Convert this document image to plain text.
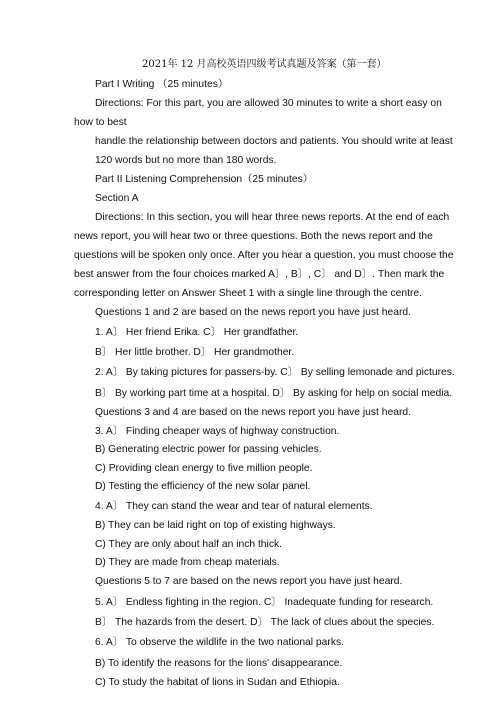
2021年 12 月高校英语四级考试真题及答案（第一套）
Part I Writing （25 minutes）
Directions: For this part, you are allowed 30 minutes to write a short easy on
how to best
handle the relationship between doctors and patients. You should write at least
120 words but no more than 180 words.
Part II Listening Comprehension（25 minutes）
Section A
Directions: In this section, you will hear three news reports. At the end of each
news report, you will hear two or three questions. Both the news report and the
questions will be spoken only once. After you hear a question, you must choose the
best answer from the four choices marked A〕, B〕, C〕 and D〕. Then mark the
corresponding letter on Answer Sheet 1 with a single line through the centre.
Questions 1 and 2 are based on the news report you have just heard.
1. A〕 Her friend Erika. C〕 Her grandfather.
B〕 Her little brother. D〕 Her grandmother.
2. A〕 By taking pictures for passers-by. C〕 By selling lemonade and pictures.
B〕 By working part time at a hospital. D〕 By asking for help on social media.
Questions 3 and 4 are based on the news report you have just heard.
3. A〕 Finding cheaper ways of highway construction.
B) Generating electric power for passing vehicles.
C) Providing clean energy to five million people.
D) Testing the efficiency of the new solar panel.
4. A〕 They can stand the wear and tear of natural elements.
B) They can be laid right on top of existing highways.
C) They are only about half an inch thick.
D) They are made from cheap materials.
Questions 5 to 7 are based on the news report you have just heard.
5. A〕 Endless fighting in the region. C〕 Inadequate funding for research.
B〕 The hazards from the desert. D〕 The lack of clues about the species.
6. A〕 To observe the wildlife in the two national parks.
B) To identify the reasons for the lions' disappearance.
C) To study the habitat of lions in Sudan and Ethiopia.
